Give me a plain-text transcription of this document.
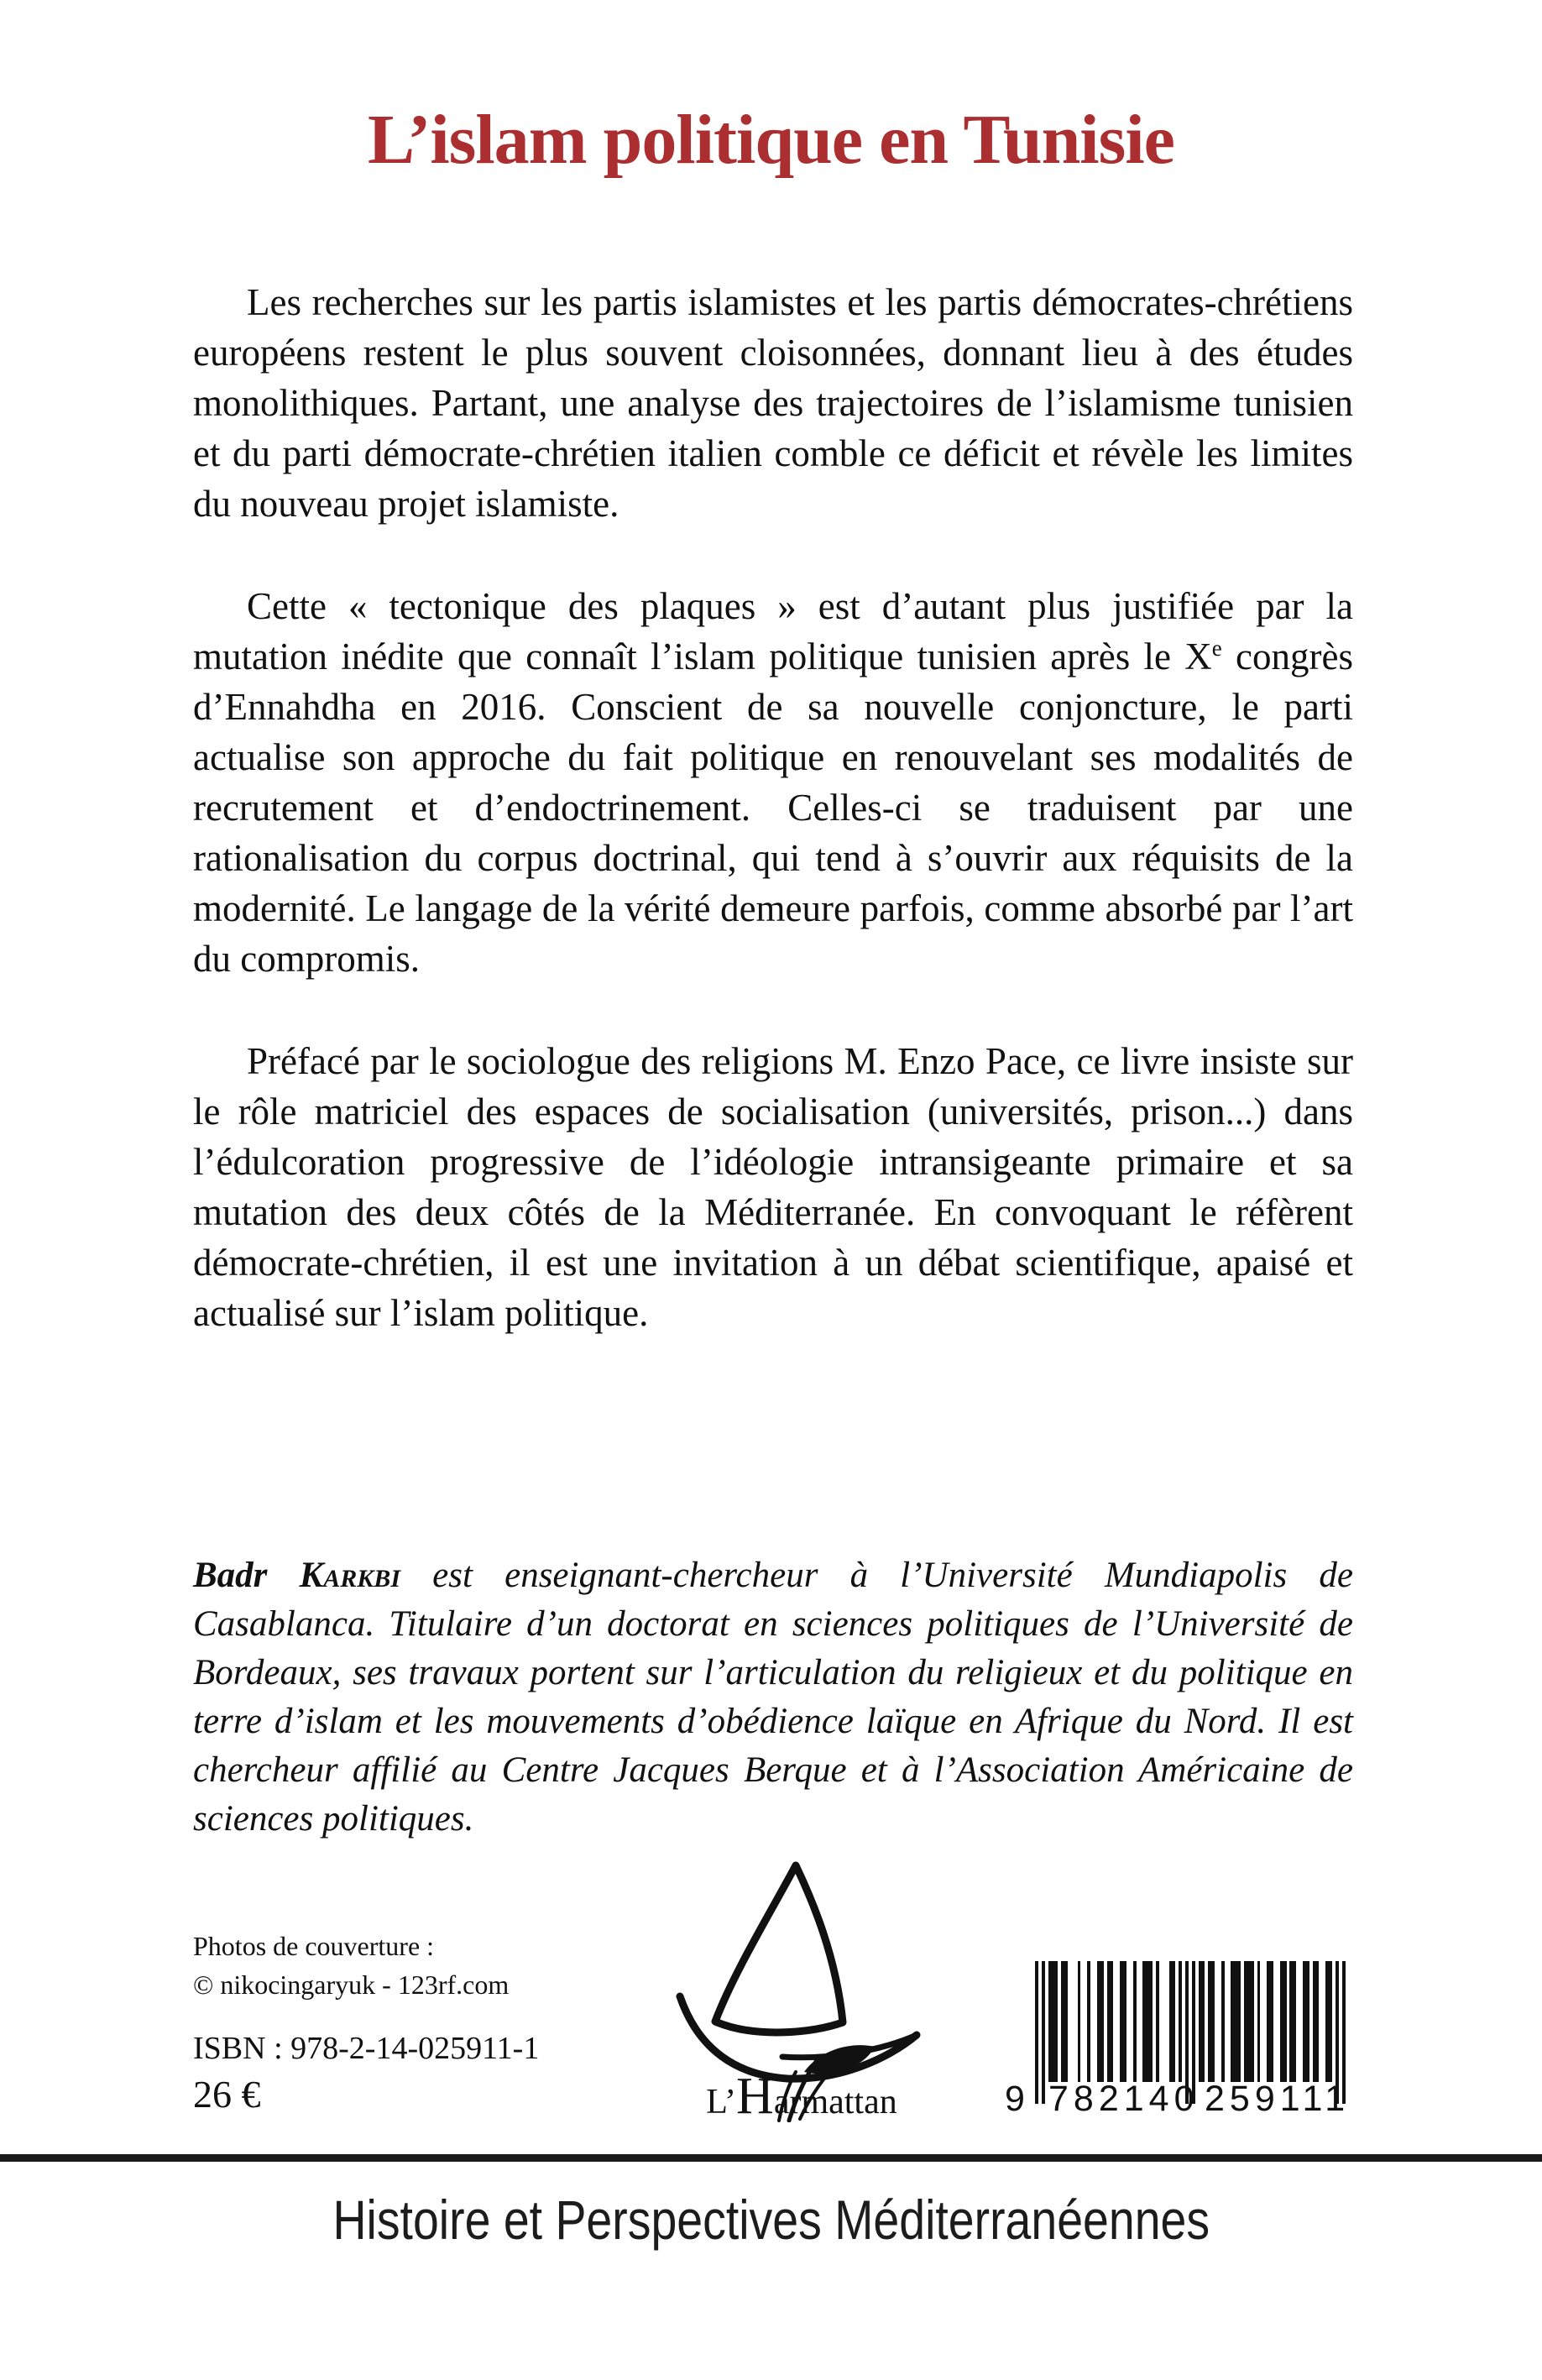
L’islam politique en Tunisie

Les recherches sur les partis islamistes et les partis démocrates-chrétiens européens restent le plus souvent cloisonnées, donnant lieu à des études monolithiques. Partant, une analyse des trajectoires de l’islamisme tunisien et du parti démocrate-chrétien italien comble ce déficit et révèle les limites du nouveau projet islamiste.

Cette « tectonique des plaques » est d’autant plus justifiée par la mutation inédite que connaît l’islam politique tunisien après le Xe congrès d’Ennahdha en 2016. Conscient de sa nouvelle conjoncture, le parti actualise son approche du fait politique en renouvelant ses modalités de recrutement et d’endoctrinement. Celles-ci se traduisent par une rationalisation du corpus doctrinal, qui tend à s’ouvrir aux réquisits de la modernité. Le langage de la vérité demeure parfois, comme absorbé par l’art du compromis.

Préfacé par le sociologue des religions M. Enzo Pace, ce livre insiste sur le rôle matriciel des espaces de socialisation (universités, prison...) dans l’édulcoration progressive de l’idéologie intransigeante primaire et sa mutation des deux côtés de la Méditerranée. En convoquant le réfèrent démocrate-chrétien, il est une invitation à un débat scientifique, apaisé et actualisé sur l’islam politique.

Badr Karkbi est enseignant-chercheur à l’Université Mundiapolis de Casablanca. Titulaire d’un doctorat en sciences politiques de l’Université de Bordeaux, ses travaux portent sur l’articulation du religieux et du politique en terre d’islam et les mouvements d’obédience laïque en Afrique du Nord. Il est chercheur affilié au Centre Jacques Berque et à l’Association Américaine de sciences politiques.
Photos de couverture :
© nikocingaryuk - 123rf.com
ISBN : 978-2-14-025911-1
26 €	L’Harmattan	9 782140 259111
Histoire et Perspectives Méditerranéennes
